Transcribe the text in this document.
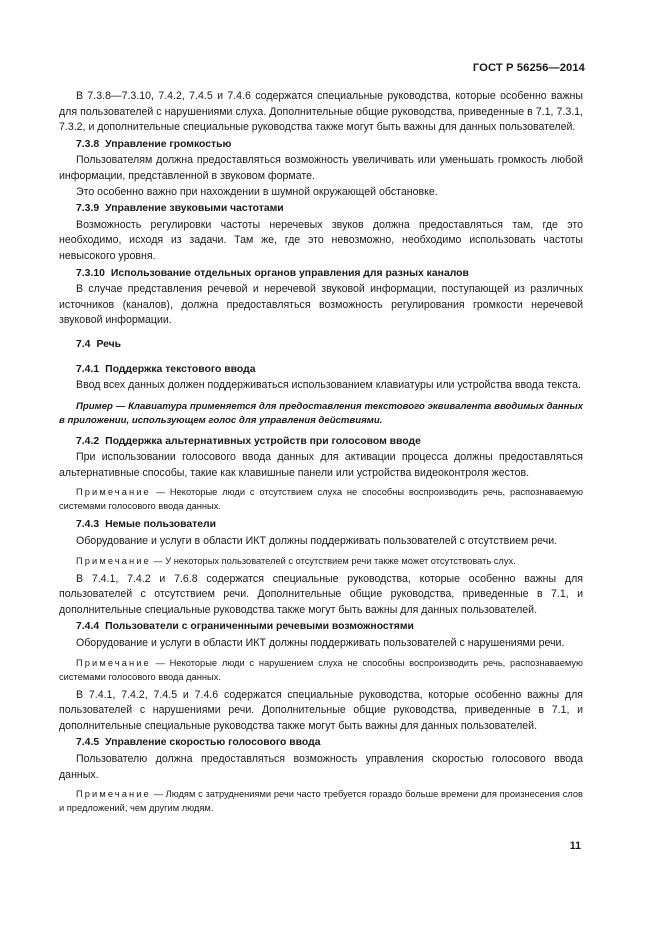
ГОСТ Р 56256—2014

В 7.3.8—7.3.10, 7.4.2, 7.4.5 и 7.4.6 содержатся специальные руководства, которые особенно важны для пользователей с нарушениями слуха. Дополнительные общие руководства, приведенные в 7.1, 7.3.1, 7.3.2, и дополнительные специальные руководства также могут быть важны для данных пользователей.

7.3.8 Управление громкостью

Пользователям должна предоставляться возможность увеличивать или уменьшать громкость любой информации, представленной в звуковом формате.

Это особенно важно при нахождении в шумной окружающей обстановке.

7.3.9 Управление звуковыми частотами

Возможность регулировки частоты неречевых звуков должна предоставляться там, где это необходимо, исходя из задачи. Там же, где это невозможно, необходимо использовать частоты невысокого уровня.

7.3.10 Использование отдельных органов управления для разных каналов

В случае представления речевой и неречевой звуковой информации, поступающей из различных источников (каналов), должна предоставляться возможность регулирования громкости неречевой звуковой информации.

7.4 Речь
7.4.1 Поддержка текстового ввода

Ввод всех данных должен поддерживаться использованием клавиатуры или устройства ввода текста.

Пример — Клавиатура применяется для предоставления текстового эквивалента вводимых данных в приложении, использующем голос для управления действиями.

7.4.2 Поддержка альтернативных устройств при голосовом вводе

При использовании голосового ввода данных для активации процесса должны предоставляться альтернативные способы, такие как клавишные панели или устройства видеоконтроля жестов.

Примечание — Некоторые люди с отсутствием слуха не способны воспроизводить речь, распознаваемую системами голосового ввода данных.

7.4.3 Немые пользователи

Оборудование и услуги в области ИКТ должны поддерживать пользователей с отсутствием речи.

Примечание — У некоторых пользователей с отсутствием речи также может отсутствовать слух.

В 7.4.1, 7.4.2 и 7.6.8 содержатся специальные руководства, которые особенно важны для пользователей с отсутствием речи. Дополнительные общие руководства, приведенные в 7.1, и дополнительные специальные руководства также могут быть важны для данных пользователей.

7.4.4 Пользователи с ограниченными речевыми возможностями

Оборудование и услуги в области ИКТ должны поддерживать пользователей с нарушениями речи.

Примечание — Некоторые люди с нарушением слуха не способны воспроизводить речь, распознаваемую системами голосового ввода данных.

В 7.4.1, 7.4.2, 7.4.5 и 7.4.6 содержатся специальные руководства, которые особенно важны для пользователей с нарушениями речи. Дополнительные общие руководства, приведенные в 7.1, и дополнительные специальные руководства также могут быть важны для данных пользователей.

7.4.5 Управление скоростью голосового ввода

Пользователю должна предоставляться возможность управления скоростью голосового ввода данных.

Примечание — Людям с затруднениями речи часто требуется гораздо больше времени для произнесения слов и предложений, чем другим людям.

11
